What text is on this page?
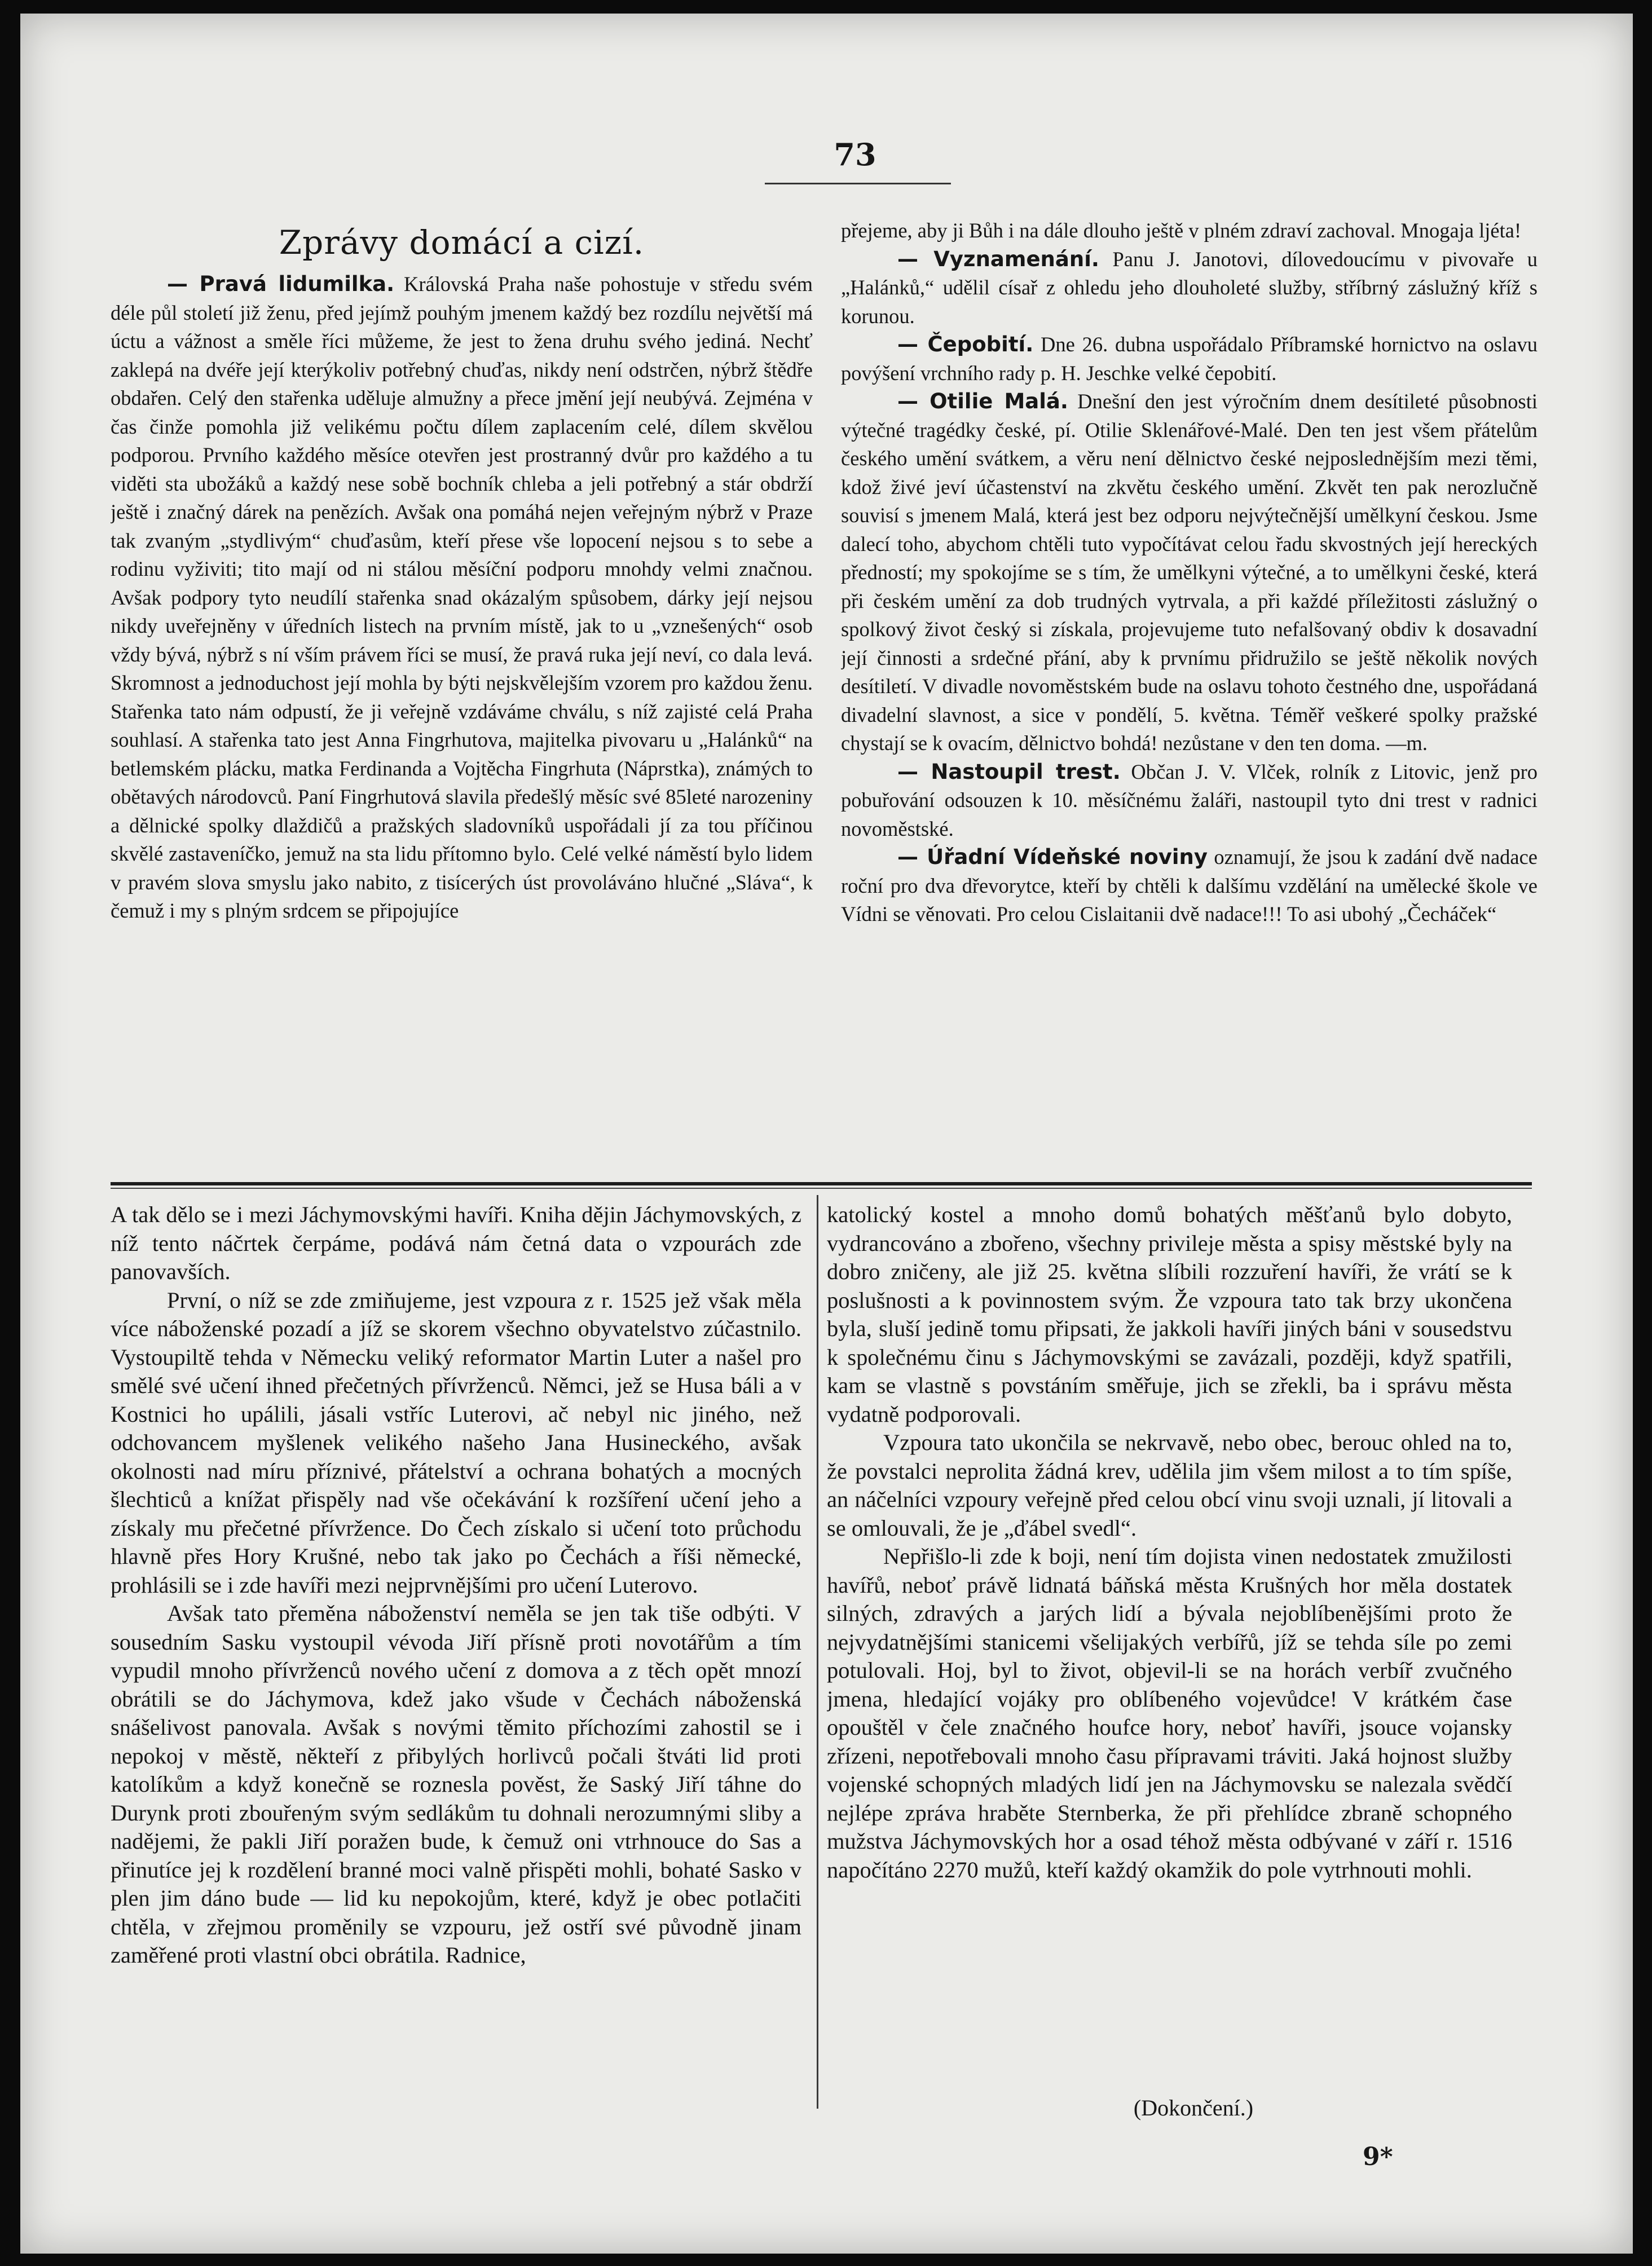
73
Zprávy domácí a cizí.

— Pravá lidumilka. Královská Praha naše pohostuje v středu svém déle půl století již ženu, před jejímž pouhým jmenem každý bez rozdílu největší má úctu a vážnost a směle říci můžeme, že jest to žena druhu svého jediná. Nechť zaklepá na dvéře její kterýkoliv potřebný chuďas, nikdy není odstrčen, nýbrž štědře obdařen. Celý den stařenka uděluje almužny a přece jmění její neubývá. Zejména v čas činže pomohla již velikému počtu dílem zaplacením celé, dílem skvělou podporou. Prvního každého měsíce otevřen jest prostranný dvůr pro každého a tu viděti sta ubožáků a každý nese sobě bochník chleba a jeli potřebný a stár obdrží ještě i značný dárek na penězích. Avšak ona pomáhá nejen veřejným nýbrž v Praze tak zvaným „stydlivým“ chuďasům, kteří přese vše lopocení nejsou s to sebe a rodinu vyživiti; tito mají od ni stálou měsíční podporu mnohdy velmi značnou. Avšak podpory tyto neudílí stařenka snad okázalým spůsobem, dárky její nejsou nikdy uveřejněny v úředních listech na prvním místě, jak to u „vznešených“ osob vždy bývá, nýbrž s ní vším právem říci se musí, že pravá ruka její neví, co dala levá. Skromnost a jednoduchost její mohla by býti nejskvělejším vzorem pro každou ženu. Stařenka tato nám odpustí, že ji veřejně vzdáváme chválu, s níž zajisté celá Praha souhlasí. A stařenka tato jest Anna Fingrhutova, majitelka pivovaru u „Halánků“ na betlemském plácku, matka Ferdinanda a Vojtěcha Fingrhuta (Náprstka), známých to obětavých národovců. Paní Fingrhutová slavila předešlý měsíc své 85leté narozeniny a dělnické spolky dlaždičů a pražských sladovníků uspořádali jí za tou příčinou skvělé zastaveníčko, jemuž na sta lidu přítomno bylo. Celé velké náměstí bylo lidem v pravém slova smyslu jako nabito, z tisícerých úst provoláváno hlučné „Sláva“, k čemuž i my s plným srdcem se připojujíce

přejeme, aby ji Bůh i na dále dlouho ještě v plném zdraví zachoval. Mnogaja ljéta!

— Vyznamenání. Panu J. Janotovi, dílovedoucímu v pivovaře u „Halánků,“ udělil císař z ohledu jeho dlouholeté služby, stříbrný záslužný kříž s korunou.

— Čepobití. Dne 26. dubna uspořádalo Příbramské hornictvo na oslavu povýšení vrchního rady p. H. Jeschke velké čepobití.

— Otilie Malá. Dnešní den jest výročním dnem desítileté působnosti výtečné tragédky české, pí. Otilie Sklenářové-Malé. Den ten jest všem přátelům českého umění svátkem, a věru není dělnictvo české nejposlednějším mezi těmi, kdož živé jeví účastenství na zkvětu českého umění. Zkvět ten pak nerozlučně souvisí s jmenem Malá, která jest bez odporu nejvýtečnější umělkyní českou. Jsme dalecí toho, abychom chtěli tuto vypočítávat celou řadu skvostných její hereckých předností; my spokojíme se s tím, že umělkyni výtečné, a to umělkyni české, která při českém umění za dob trudných vytrvala, a při každé příležitosti záslužný o spolkový život český si získala, projevujeme tuto nefalšovaný obdiv k dosavadní její činnosti a srdečné přání, aby k prvnímu přidružilo se ještě několik nových desítiletí. V divadle novoměstském bude na oslavu tohoto čestného dne, uspořádaná divadelní slavnost, a sice v pondělí, 5. května. Téměř veškeré spolky pražské chystají se k ovacím, dělnictvo bohdá! nezůstane v den ten doma. —m.

— Nastoupil trest. Občan J. V. Vlček, rolník z Litovic, jenž pro pobuřování odsouzen k 10. měsíčnému žaláři, nastoupil tyto dni trest v radnici novoměstské.

— Úřadní Vídeňské noviny oznamují, že jsou k zadání dvě nadace roční pro dva dřevorytce, kteří by chtěli k dalšímu vzdělání na umělecké škole ve Vídni se věnovati. Pro celou Cislaitanii dvě nadace!!! To asi ubohý „Čecháček“

A tak dělo se i mezi Jáchymovskými havíři. Kniha dějin Jáchymovských, z níž tento náčrtek čerpáme, podává nám četná data o vzpourách zde panovavších.

První, o níž se zde zmiňujeme, jest vzpoura z r. 1525 jež však měla více náboženské pozadí a jíž se skorem všechno obyvatelstvo zúčastnilo. Vystoupiltě tehda v Německu veliký reformator Martin Luter a našel pro smělé své učení ihned přečetných přívrženců. Němci, jež se Husa báli a v Kostnici ho upálili, jásali vstříc Luterovi, ač nebyl nic jiného, než odchovancem myšlenek velikého našeho Jana Husineckého, avšak okolnosti nad míru příznivé, přátelství a ochrana bohatých a mocných šlechticů a knížat přispěly nad vše očekávání k rozšíření učení jeho a získaly mu přečetné přívržence. Do Čech získalo si učení toto průchodu hlavně přes Hory Krušné, nebo tak jako po Čechách a říši německé, prohlásili se i zde havíři mezi nejprvnějšími pro učení Luterovo.

Avšak tato přeměna náboženství neměla se jen tak tiše odbýti. V sousedním Sasku vystoupil vévoda Jiří přísně proti novotářům a tím vypudil mnoho přívrženců nového učení z domova a z těch opět mnozí obrátili se do Jáchymova, kdež jako všude v Čechách náboženská snášelivost panovala. Avšak s novými těmito příchozími zahostil se i nepokoj v městě, někteří z přibylých horlivců počali štváti lid proti katolíkům a když konečně se roznesla pověst, že Saský Jiří táhne do Durynk proti zbouřeným svým sedlákům tu dohnali nerozumnými sliby a nadějemi, že pakli Jiří poražen bude, k čemuž oni vtrhnouce do Sas a přinutíce jej k rozdělení branné moci valně přispěti mohli, bohaté Sasko v plen jim dáno bude — lid ku nepokojům, které, když je obec potlačiti chtěla, v zřejmou proměnily se vzpouru, jež ostří své původně jinam zaměřené proti vlastní obci obrátila. Radnice,

katolický kostel a mnoho domů bohatých měšťanů bylo dobyto, vydrancováno a zbořeno, všechny privileje města a spisy městské byly na dobro zničeny, ale již 25. května slíbili rozzuření havíři, že vrátí se k poslušnosti a k povinnostem svým. Že vzpoura tato tak brzy ukončena byla, sluší jedině tomu připsati, že jakkoli havíři jiných báni v sousedstvu k společnému činu s Jáchymovskými se zavázali, později, když spatřili, kam se vlastně s povstáním směřuje, jich se zřekli, ba i správu města vydatně podporovali.

Vzpoura tato ukončila se nekrvavě, nebo obec, berouc ohled na to, že povstalci neprolita žádná krev, udělila jim všem milost a to tím spíše, an náčelníci vzpoury veřejně před celou obcí vinu svoji uznali, jí litovali a se omlouvali, že je „ďábel svedl“.

Nepřišlo-li zde k boji, není tím dojista vinen nedostatek zmužilosti havířů, neboť právě lidnatá báňská města Krušných hor měla dostatek silných, zdravých a jarých lidí a bývala nejoblíbenějšími proto že nejvydatnějšími stanicemi všelijakých verbířů, jíž se tehda síle po zemi potulovali. Hoj, byl to život, objevil-li se na horách verbíř zvučného jmena, hledající vojáky pro oblíbeného vojevůdce! V krátkém čase opouštěl v čele značného houfce hory, neboť havíři, jsouce vojansky zřízeni, nepotřebovali mnoho času přípravami tráviti. Jaká hojnost služby vojenské schopných mladých lidí jen na Jáchymovsku se nalezala svědčí nejlépe zpráva hraběte Sternberka, že při přehlídce zbraně schopného mužstva Jáchymovských hor a osad téhož města odbývané v září r. 1516 napočítáno 2270 mužů, kteří každý okamžik do pole vytrhnouti mohli.

(Dokončení.)
9*
